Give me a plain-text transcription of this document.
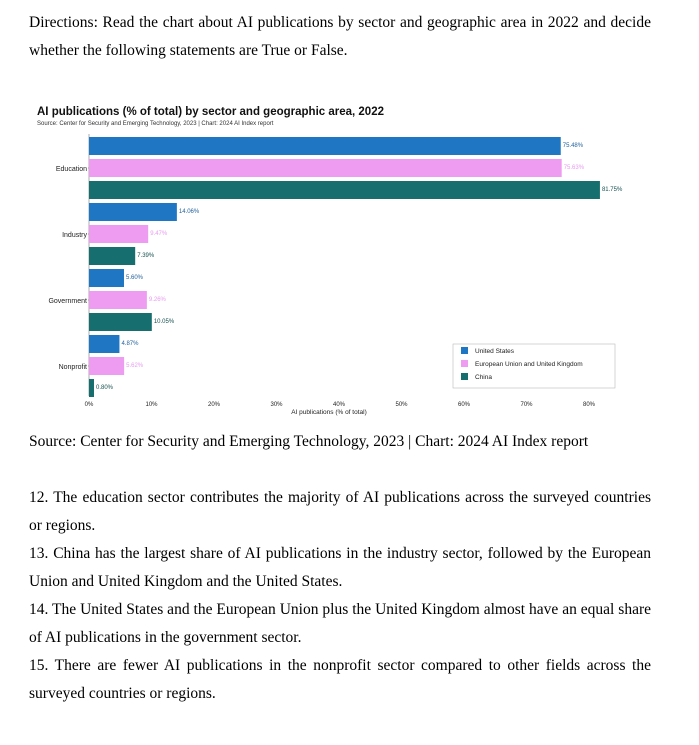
Directions: Read the chart about AI publications by sector and geographic area in 2022 and decide whether the following statements are True or False.
AI publications (% of total) by sector and geographic area, 2022
Source: Center for Security and Emerging Technology, 2023 | Chart: 2024 AI Index report
Education
75.48%
75.63%
81.75%
Industry
14.06%
9.47%
7.39%
Government
5.60%
9.26%
10.05%
Nonprofit
4.87%
5.62%
0.80%
0%	10%	20%	30%	40%	50%	60%	70%	80%
AI publications (% of total)
United States
European Union and United Kingdom
China
Source: Center for Security and Emerging Technology, 2023 | Chart: 2024 AI Index report

12. The education sector contributes the majority of AI publications across the surveyed countries or regions.

13. China has the largest share of AI publications in the industry sector, followed by the European Union and United Kingdom and the United States.

14. The United States and the European Union plus the United Kingdom almost have an equal share of AI publications in the government sector.

15. There are fewer AI publications in the nonprofit sector compared to other fields across the surveyed countries or regions.
